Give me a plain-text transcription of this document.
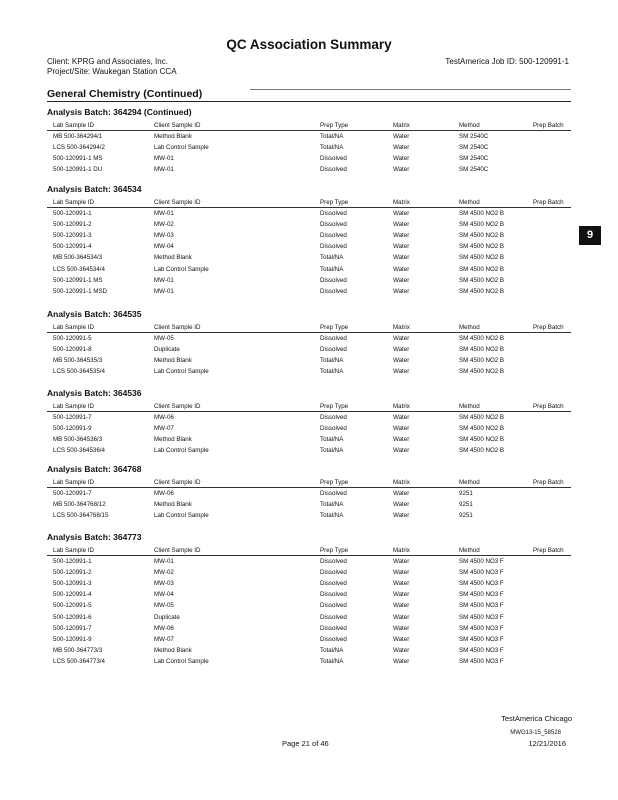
QC Association Summary
Client: KPRG and Associates, Inc.
Project/Site: Waukegan Station CCA
TestAmerica Job ID: 500-120991-1
General Chemistry (Continued)
9
Analysis Batch: 364294 (Continued)
Lab Sample ID	Client Sample ID	Prep Type	Matrix	Method	Prep Batch
MB 500-364294/1	Method Blank	Total/NA	Water	SM 2540C
LCS 500-364294/2	Lab Control Sample	Total/NA	Water	SM 2540C
500-120991-1 MS	MW-01	Dissolved	Water	SM 2540C
500-120991-1 DU	MW-01	Dissolved	Water	SM 2540C
Analysis Batch: 364534
Lab Sample ID	Client Sample ID	Prep Type	Matrix	Method	Prep Batch
500-120991-1	MW-01	Dissolved	Water	SM 4500 NO2 B
500-120991-2	MW-02	Dissolved	Water	SM 4500 NO2 B
500-120991-3	MW-03	Dissolved	Water	SM 4500 NO2 B
500-120991-4	MW-04	Dissolved	Water	SM 4500 NO2 B
MB 500-364534/3	Method Blank	Total/NA	Water	SM 4500 NO2 B
LCS 500-364534/4	Lab Control Sample	Total/NA	Water	SM 4500 NO2 B
500-120991-1 MS	MW-01	Dissolved	Water	SM 4500 NO2 B
500-120991-1 MSD	MW-01	Dissolved	Water	SM 4500 NO2 B
Analysis Batch: 364535
Lab Sample ID	Client Sample ID	Prep Type	Matrix	Method	Prep Batch
500-120991-5	MW-05	Dissolved	Water	SM 4500 NO2 B
500-120991-8	Duplicate	Dissolved	Water	SM 4500 NO2 B
MB 500-364535/3	Method Blank	Total/NA	Water	SM 4500 NO2 B
LCS 500-364535/4	Lab Control Sample	Total/NA	Water	SM 4500 NO2 B
Analysis Batch: 364536
Lab Sample ID	Client Sample ID	Prep Type	Matrix	Method	Prep Batch
500-120991-7	MW-06	Dissolved	Water	SM 4500 NO2 B
500-120991-9	MW-07	Dissolved	Water	SM 4500 NO2 B
MB 500-364536/3	Method Blank	Total/NA	Water	SM 4500 NO2 B
LCS 500-364536/4	Lab Control Sample	Total/NA	Water	SM 4500 NO2 B
Analysis Batch: 364768
Lab Sample ID	Client Sample ID	Prep Type	Matrix	Method	Prep Batch
500-120991-7	MW-06	Dissolved	Water	9251
MB 500-364768/12	Method Blank	Total/NA	Water	9251
LCS 500-364768/15	Lab Control Sample	Total/NA	Water	9251
Analysis Batch: 364773
Lab Sample ID	Client Sample ID	Prep Type	Matrix	Method	Prep Batch
500-120991-1	MW-01	Dissolved	Water	SM 4500 NO3 F
500-120991-2	MW-02	Dissolved	Water	SM 4500 NO3 F
500-120991-3	MW-03	Dissolved	Water	SM 4500 NO3 F
500-120991-4	MW-04	Dissolved	Water	SM 4500 NO3 F
500-120991-5	MW-05	Dissolved	Water	SM 4500 NO3 F
500-120991-6	Duplicate	Dissolved	Water	SM 4500 NO3 F
500-120991-7	MW-06	Dissolved	Water	SM 4500 NO3 F
500-120991-9	MW-07	Dissolved	Water	SM 4500 NO3 F
MB 500-364773/3	Method Blank	Total/NA	Water	SM 4500 NO3 F
LCS 500-364773/4	Lab Control Sample	Total/NA	Water	SM 4500 NO3 F
TestAmerica Chicago
MWG13-15_58528
Page 21 of 46	12/21/2016
